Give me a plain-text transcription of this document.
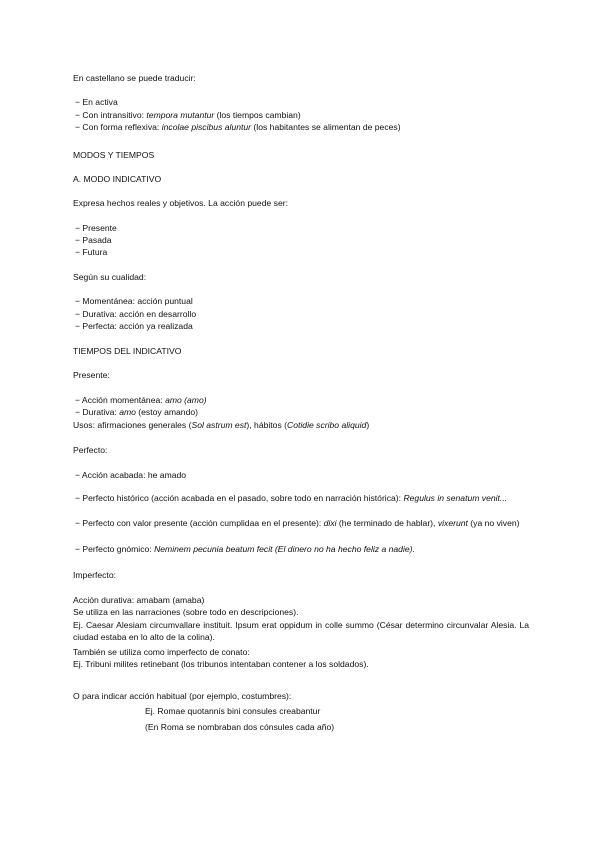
En castellano se puede traducir:
− En activa
− Con intransitivo: tempora mutantur (los tiempos cambian)
− Con forma reflexiva: incolae piscibus aluntur (los habitantes se alimentan de peces)
MODOS Y TIEMPOS
A. MODO INDICATIVO
Expresa hechos reales y objetivos. La acción puede ser:
− Presente
− Pasada
− Futura
Según su cualidad:
− Momentánea: acción puntual
− Durativa: acción en desarrollo
− Perfecta: acción ya realizada
TIEMPOS DEL INDICATIVO
Presente:
− Acción momentánea: amo (amo)
− Durativa: amo (estoy amando)
Usos: afirmaciones generales (Sol astrum est), hábitos (Cotidie scribo aliquid)
Perfecto:
− Acción acabada: he amado
− Perfecto histórico (acción acabada en el pasado, sobre todo en narración histórica): Regulus in senatum venit...
− Perfecto con valor presente (acción cumplidaa en el presente): dixi (he terminado de hablar), vixerunt (ya no viven)
− Perfecto gnómico: Neminem pecunia beatum fecit (El dinero no ha hecho feliz a nadie).
Imperfecto:
Acción durativa: amabam (amaba)
Se utiliza en las narraciones (sobre todo en descripciones).
Ej. Caesar Alesiam circumvallare instituit. Ipsum erat oppidum in colle summo (César determino circunvalar Alesia. La ciudad estaba en lo alto de la colina).
También se utiliza como imperfecto de conato:
Ej. Tribuni milites retinebant (los tribunos intentaban contener a los soldados).
O para indicar acción habitual (por ejemplo, costumbres):
Ej. Romae quotannis bini consules creabantur
(En Roma se nombraban dos cónsules cada año)
